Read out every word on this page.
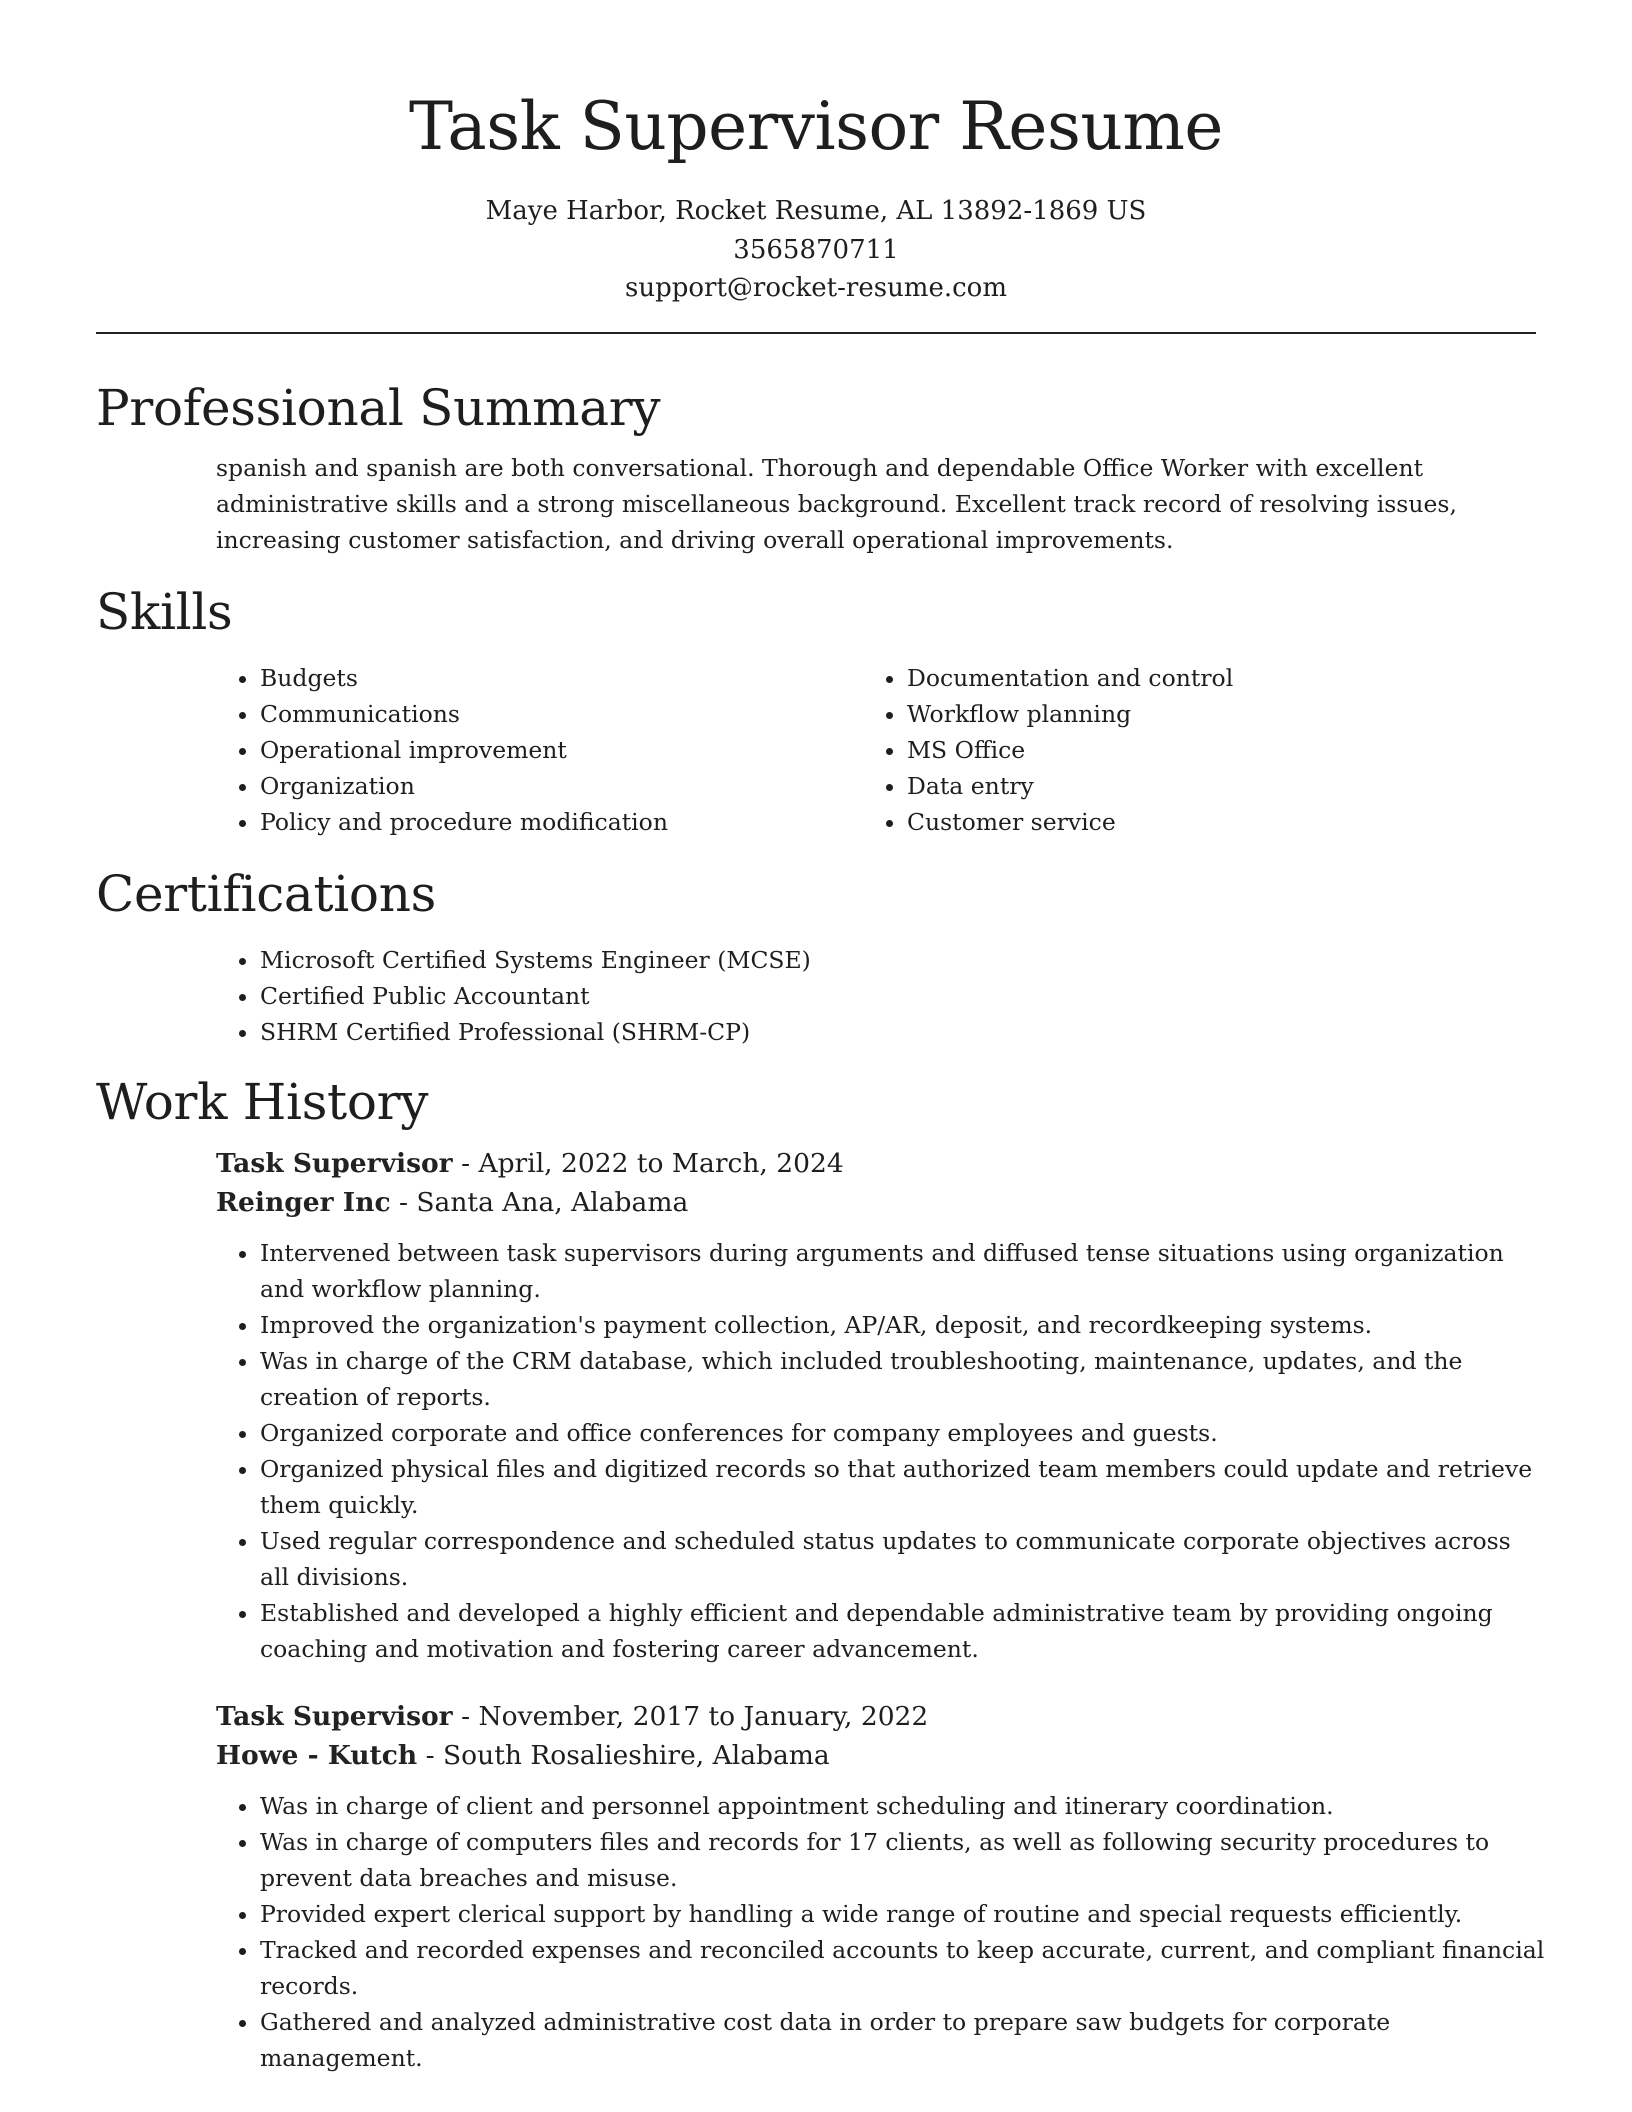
Task Supervisor Resume
Maye Harbor, Rocket Resume, AL 13892-1869 US
3565870711
support@rocket-resume.com
Professional Summary

spanish and spanish are both conversational. Thorough and dependable Office Worker with excellent administrative skills and a strong miscellaneous background. Excellent track record of resolving issues, increasing customer satisfaction, and driving overall operational improvements.

Skills
• Budgets
• Communications
• Operational improvement
• Organization
• Policy and procedure modification
• Documentation and control
• Workflow planning
• MS Office
• Data entry
• Customer service
Certifications
• Microsoft Certified Systems Engineer (MCSE)
• Certified Public Accountant
• SHRM Certified Professional (SHRM-CP)
Work History
Task Supervisor - April, 2022 to March, 2024
Reinger Inc - Santa Ana, Alabama
• Intervened between task supervisors during arguments and diffused tense situations using organization and workflow planning.
• Improved the organization's payment collection, AP/AR, deposit, and recordkeeping systems.
• Was in charge of the CRM database, which included troubleshooting, maintenance, updates, and the creation of reports.
• Organized corporate and office conferences for company employees and guests.
• Organized physical files and digitized records so that authorized team members could update and retrieve them quickly.
• Used regular correspondence and scheduled status updates to communicate corporate objectives across all divisions.
• Established and developed a highly efficient and dependable administrative team by providing ongoing coaching and motivation and fostering career advancement.
Task Supervisor - November, 2017 to January, 2022
Howe - Kutch - South Rosalieshire, Alabama
• Was in charge of client and personnel appointment scheduling and itinerary coordination.
• Was in charge of computers files and records for 17 clients, as well as following security procedures to prevent data breaches and misuse.
• Provided expert clerical support by handling a wide range of routine and special requests efficiently.
• Tracked and recorded expenses and reconciled accounts to keep accurate, current, and compliant financial records.
• Gathered and analyzed administrative cost data in order to prepare saw budgets for corporate management.
